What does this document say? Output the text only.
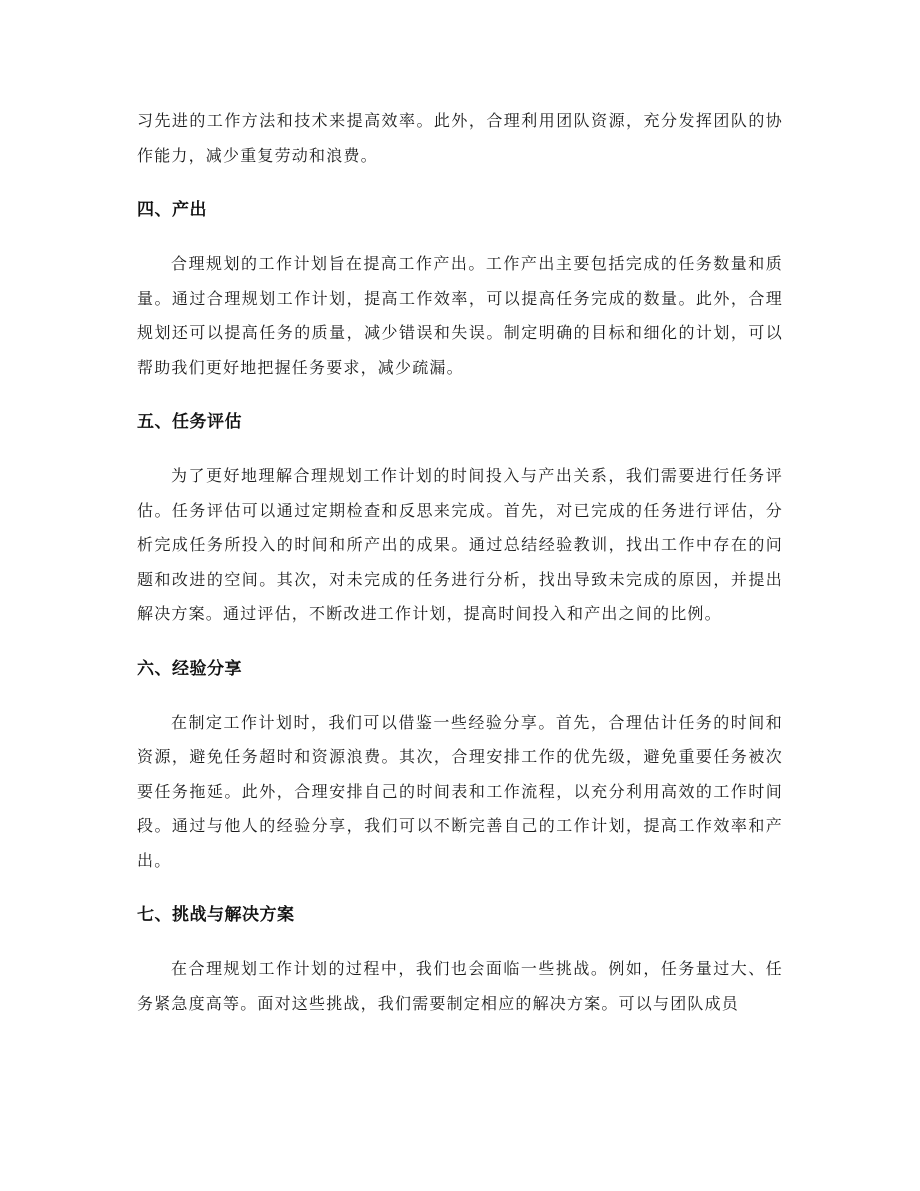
习先进的工作方法和技术来提高效率。此外，合理利用团队资源，充分发挥团队的协作能力，减少重复劳动和浪费。

四、产出

合理规划的工作计划旨在提高工作产出。工作产出主要包括完成的任务数量和质量。通过合理规划工作计划，提高工作效率，可以提高任务完成的数量。此外，合理规划还可以提高任务的质量，减少错误和失误。制定明确的目标和细化的计划，可以帮助我们更好地把握任务要求，减少疏漏。

五、任务评估

为了更好地理解合理规划工作计划的时间投入与产出关系，我们需要进行任务评估。任务评估可以通过定期检查和反思来完成。首先，对已完成的任务进行评估，分析完成任务所投入的时间和所产出的成果。通过总结经验教训，找出工作中存在的问题和改进的空间。其次，对未完成的任务进行分析，找出导致未完成的原因，并提出解决方案。通过评估，不断改进工作计划，提高时间投入和产出之间的比例。

六、经验分享

在制定工作计划时，我们可以借鉴一些经验分享。首先，合理估计任务的时间和资源，避免任务超时和资源浪费。其次，合理安排工作的优先级，避免重要任务被次要任务拖延。此外，合理安排自己的时间表和工作流程，以充分利用高效的工作时间段。通过与他人的经验分享，我们可以不断完善自己的工作计划，提高工作效率和产出。

七、挑战与解决方案

在合理规划工作计划的过程中，我们也会面临一些挑战。例如，任务量过大、任务紧急度高等。面对这些挑战，我们需要制定相应的解决方案。可以与团队成员
